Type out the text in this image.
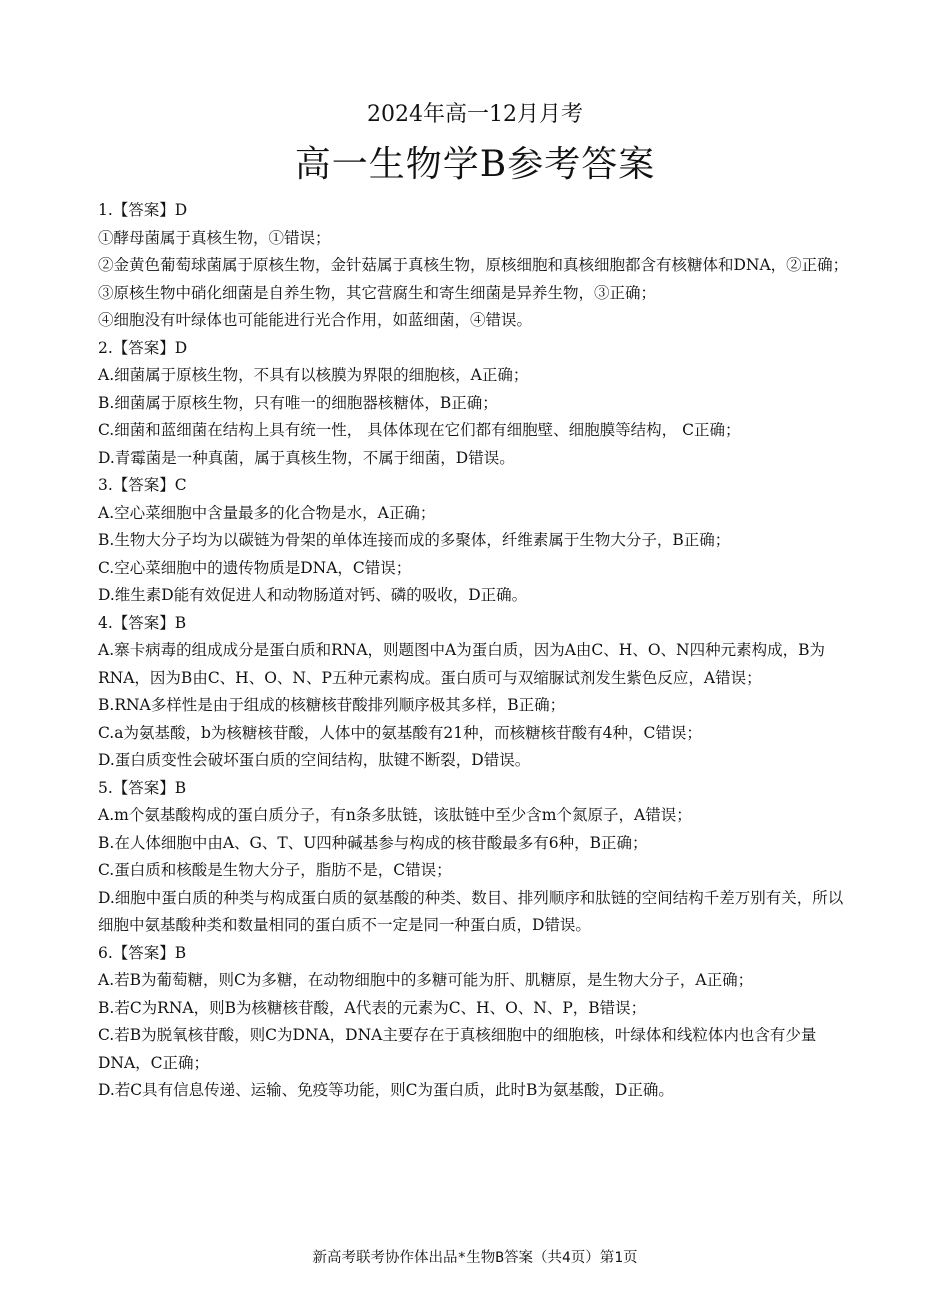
2024年高一12月月考
高一生物学B参考答案

1.【答案】D

①酵母菌属于真核生物，①错误；

②金黄色葡萄球菌属于原核生物，金针菇属于真核生物，原核细胞和真核细胞都含有核糖体和DNA，②正确；

③原核生物中硝化细菌是自养生物，其它营腐生和寄生细菌是异养生物，③正确；

④细胞没有叶绿体也可能能进行光合作用，如蓝细菌，④错误。

2.【答案】D

A.细菌属于原核生物，不具有以核膜为界限的细胞核，A正确；

B.细菌属于原核生物，只有唯一的细胞器核糖体，B正确；

C.细菌和蓝细菌在结构上具有统一性， 具体体现在它们都有细胞壁、细胞膜等结构， C正确；

D.青霉菌是一种真菌，属于真核生物，不属于细菌，D错误。

3.【答案】C

A.空心菜细胞中含量最多的化合物是水，A正确；

B.生物大分子均为以碳链为骨架的单体连接而成的多聚体，纤维素属于生物大分子，B正确；

C.空心菜细胞中的遗传物质是DNA，C错误；

D.维生素D能有效促进人和动物肠道对钙、磷的吸收，D正确。

4.【答案】B

A.寨卡病毒的组成成分是蛋白质和RNA，则题图中A为蛋白质，因为A由C、H、O、N四种元素构成，B为RNA，因为B由C、H、O、N、P五种元素构成。蛋白质可与双缩脲试剂发生紫色反应，A错误；

B.RNA多样性是由于组成的核糖核苷酸排列顺序极其多样，B正确；

C.a为氨基酸，b为核糖核苷酸，人体中的氨基酸有21种，而核糖核苷酸有4种，C错误；

D.蛋白质变性会破坏蛋白质的空间结构，肽键不断裂，D错误。

5.【答案】B

A.m个氨基酸构成的蛋白质分子，有n条多肽链，该肽链中至少含m个氮原子，A错误；

B.在人体细胞中由A、G、T、U四种碱基参与构成的核苷酸最多有6种，B正确；

C.蛋白质和核酸是生物大分子，脂肪不是，C错误；

D.细胞中蛋白质的种类与构成蛋白质的氨基酸的种类、数目、排列顺序和肽链的空间结构千差万别有关，所以细胞中氨基酸种类和数量相同的蛋白质不一定是同一种蛋白质，D错误。

6.【答案】B

A.若B为葡萄糖，则C为多糖，在动物细胞中的多糖可能为肝、肌糖原，是生物大分子，A正确；

B.若C为RNA，则B为核糖核苷酸，A代表的元素为C、H、O、N、P，B错误；

C.若B为脱氧核苷酸，则C为DNA，DNA主要存在于真核细胞中的细胞核，叶绿体和线粒体内也含有少量DNA，C正确；

D.若C具有信息传递、运输、免疫等功能，则C为蛋白质，此时B为氨基酸，D正确。

新高考联考协作体出品*生物B答案（共4页）第1页
